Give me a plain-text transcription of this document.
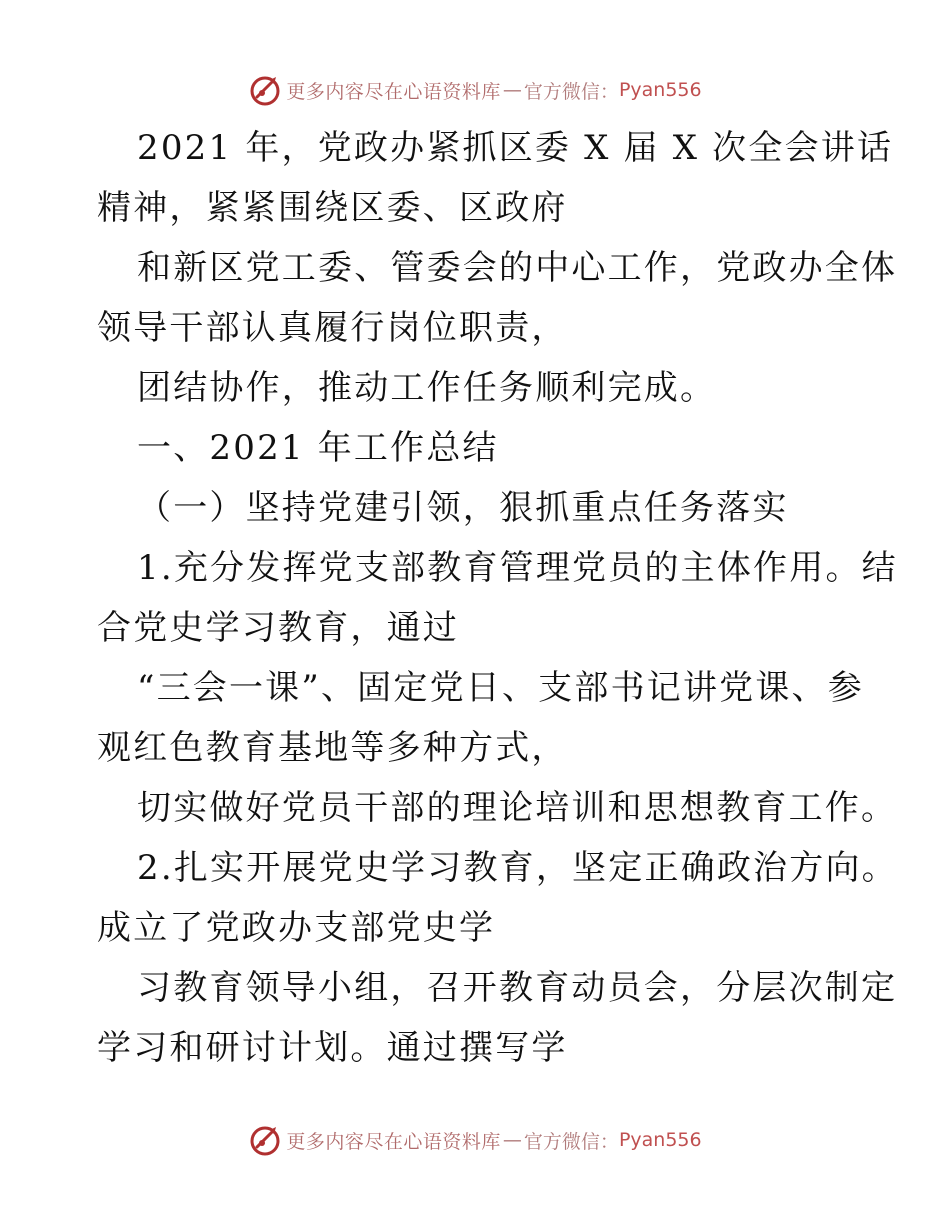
更多内容尽在心语资料库 — 官方微信： Pyan556
2021 年，党政办紧抓区委 X 届 X 次全会讲话
精神，紧紧围绕区委、区政府
和新区党工委、管委会的中心工作，党政办全体
领导干部认真履行岗位职责，
团结协作，推动工作任务顺利完成。
一、2021 年工作总结
（一）坚持党建引领，狠抓重点任务落实
1.充分发挥党支部教育管理党员的主体作用。结
合党史学习教育，通过
“三会一课”、固定党日、支部书记讲党课、参
观红色教育基地等多种方式，
切实做好党员干部的理论培训和思想教育工作。
2.扎实开展党史学习教育，坚定正确政治方向。
成立了党政办支部党史学
习教育领导小组，召开教育动员会，分层次制定
学习和研讨计划。通过撰写学
更多内容尽在心语资料库 — 官方微信： Pyan556
